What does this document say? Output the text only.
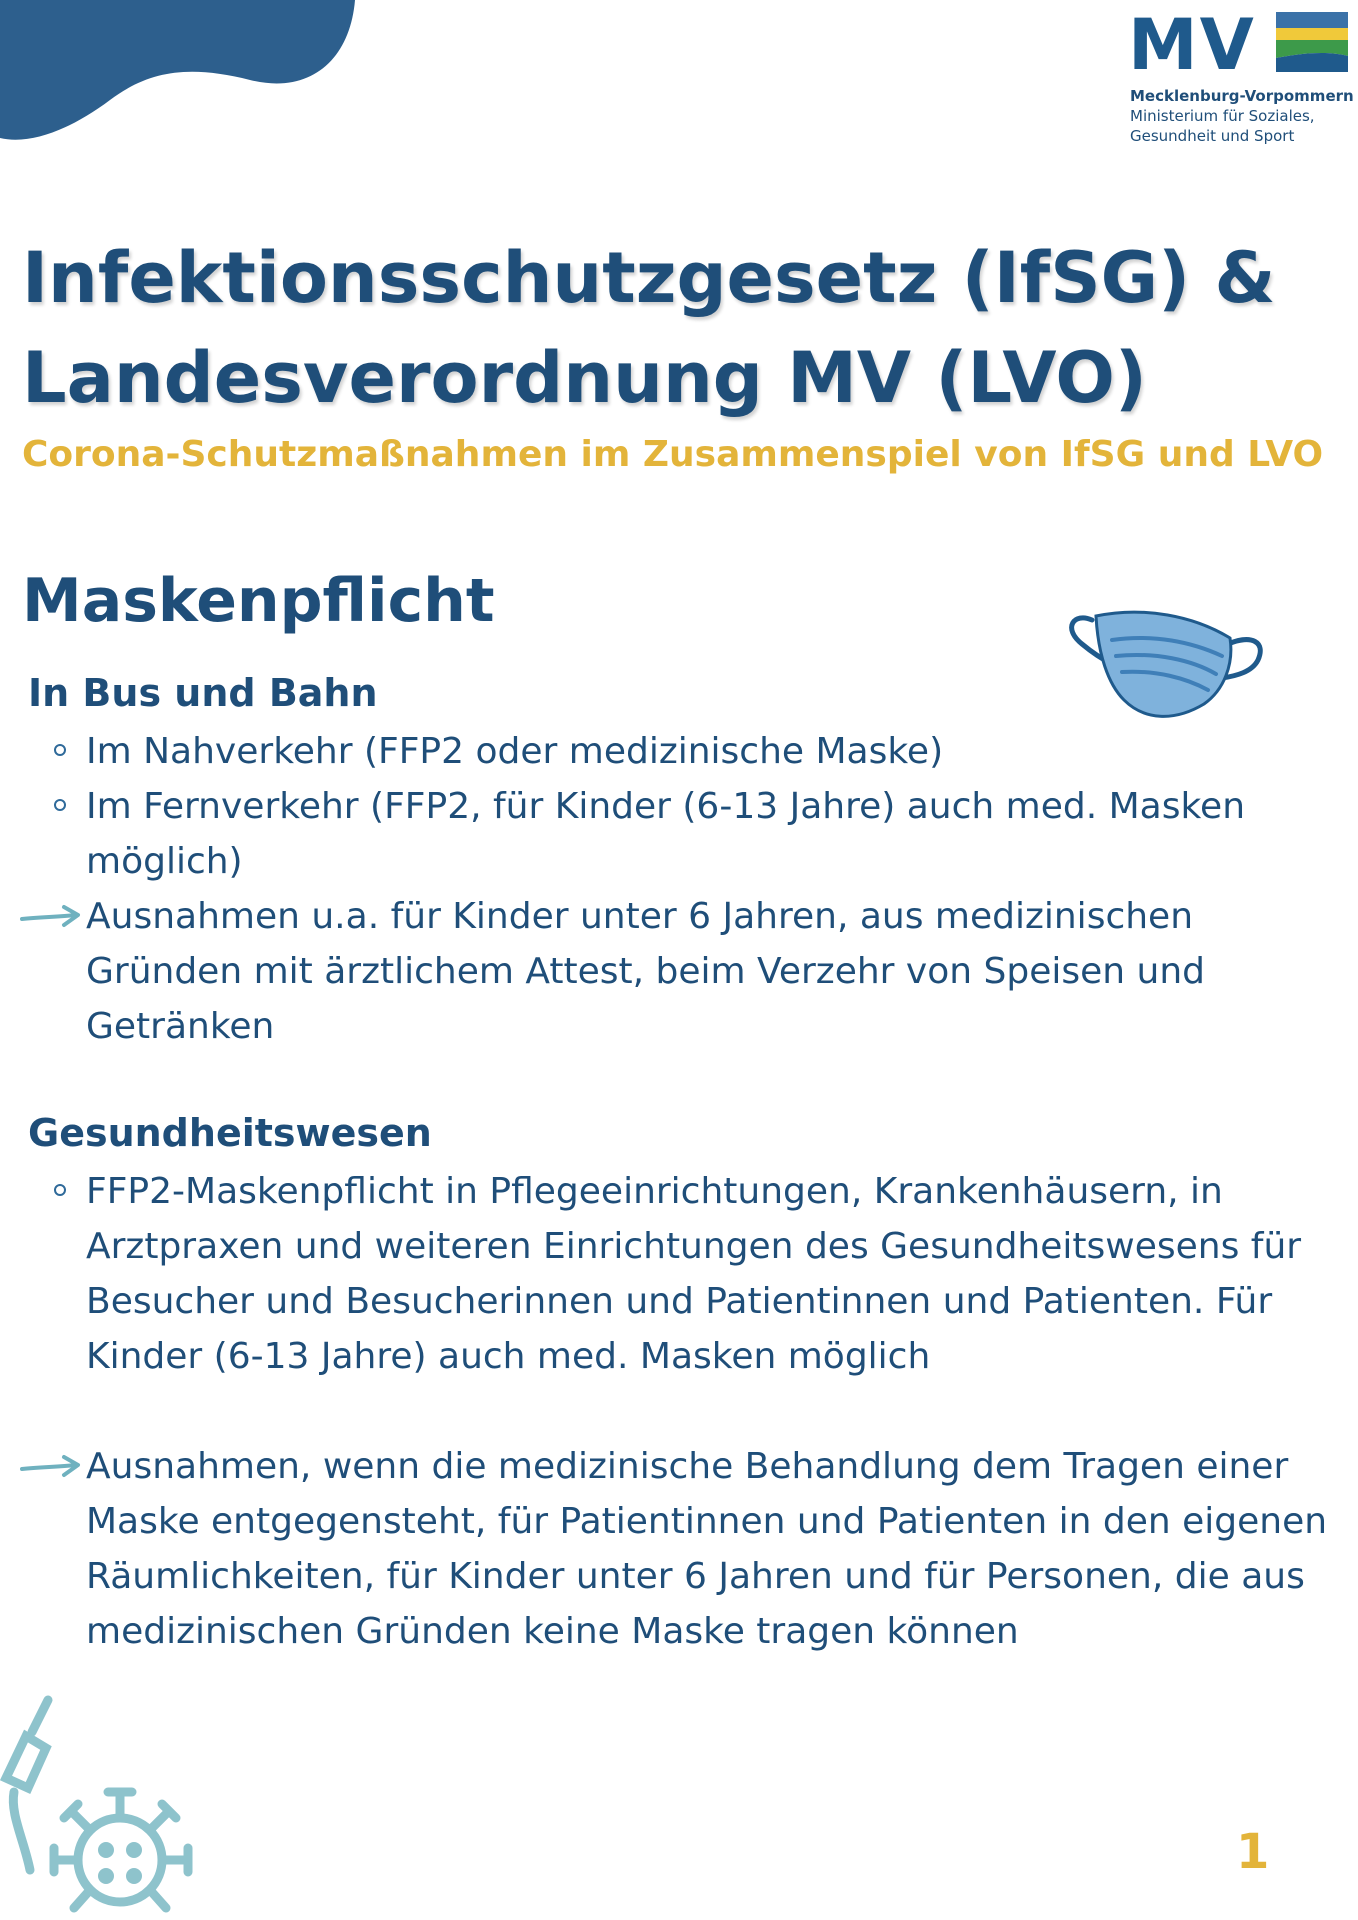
MV
Mecklenburg-Vorpommern
Ministerium für Soziales,
Gesundheit und Sport
Infektionsschutzgesetz (IfSG) &
Landesverordnung MV (LVO)
Corona-Schutzmaßnahmen im Zusammenspiel von IfSG und LVO
Maskenpflicht
In Bus und Bahn
Im Nahverkehr (FFP2 oder medizinische Maske)
Im Fernverkehr (FFP2, für Kinder (6-13 Jahre) auch med. Masken möglich)
Ausnahmen u.a. für Kinder unter 6 Jahren, aus medizinischen Gründen mit ärztlichem Attest, beim Verzehr von Speisen und Getränken
Gesundheitswesen
FFP2-Maskenpflicht in Pflegeeinrichtungen, Krankenhäusern, in Arztpraxen und weiteren Einrichtungen des Gesundheitswesens für Besucher und Besucherinnen und Patientinnen und Patienten. Für Kinder (6-13 Jahre) auch med. Masken möglich
Ausnahmen, wenn die medizinische Behandlung dem Tragen einer Maske entgegensteht, für Patientinnen und Patienten in den eigenen Räumlichkeiten, für Kinder unter 6 Jahren und für Personen, die aus medizinischen Gründen keine Maske tragen können
1
